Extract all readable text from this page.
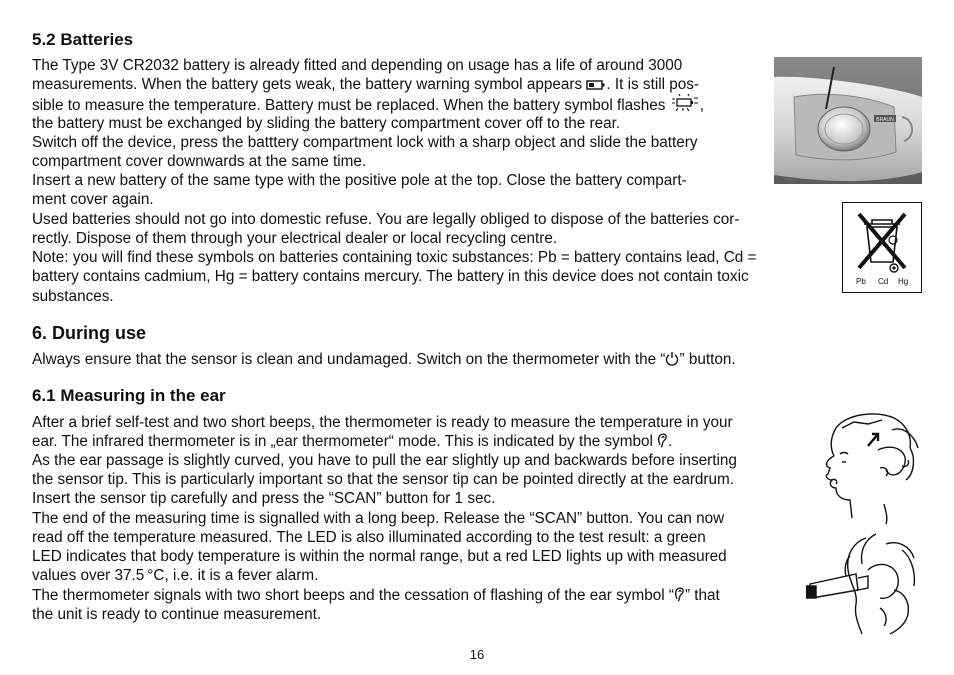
5.2 Batteries
The Type 3V CR2032 battery is already fitted and depending on usage has a life of around 3000
measurements. When the battery gets weak, the battery warning symbol appears . It is still pos-
sible to measure the temperature. Battery must be replaced. When the battery symbol flashes ,
the battery must be exchanged by sliding the battery compartment cover off to the rear.
Switch off the device, press the batttery compartment lock with a sharp object and slide the battery
compartment cover downwards at the same time.
Insert a new battery of the same type with the positive pole at the top. Close the battery compart-
ment cover again.
Used batteries should not go into domestic refuse. You are legally obliged to dispose of the batteries cor-
rectly. Dispose of them through your electrical dealer or local recycling centre.
Note: you will find these symbols on batteries containing toxic substances: Pb = battery contains lead, Cd =
battery contains cadmium, Hg = battery contains mercury. The battery in this device does not contain toxic
substances.
BRAUN
Pb Cd Hg
6. During use
Always ensure that the sensor is clean and undamaged. Switch on the thermometer with the “ ” button.
6.1 Measuring in the ear
After a brief self-test and two short beeps, the thermometer is ready to measure the temperature in your
ear. The infrared thermometer is in „ear thermometer“ mode. This is indicated by the symbol .
As the ear passage is slightly curved, you have to pull the ear slightly up and backwards before inserting
the sensor tip. This is particularly important so that the sensor tip can be pointed directly at the eardrum.
Insert the sensor tip carefully and press the “SCAN” button for 1 sec.
The end of the measuring time is signalled with a long beep. Release the “SCAN” button. You can now
read off the temperature measured. The LED is also illuminated according to the test result: a green
LED indicates that body temperature is within the normal range, but a red LED lights up with measured
values over 37.5 °C, i.e. it is a fever alarm.
The thermometer signals with two short beeps and the cessation of flashing of the ear symbol “ ” that
the unit is ready to continue measurement.
16
